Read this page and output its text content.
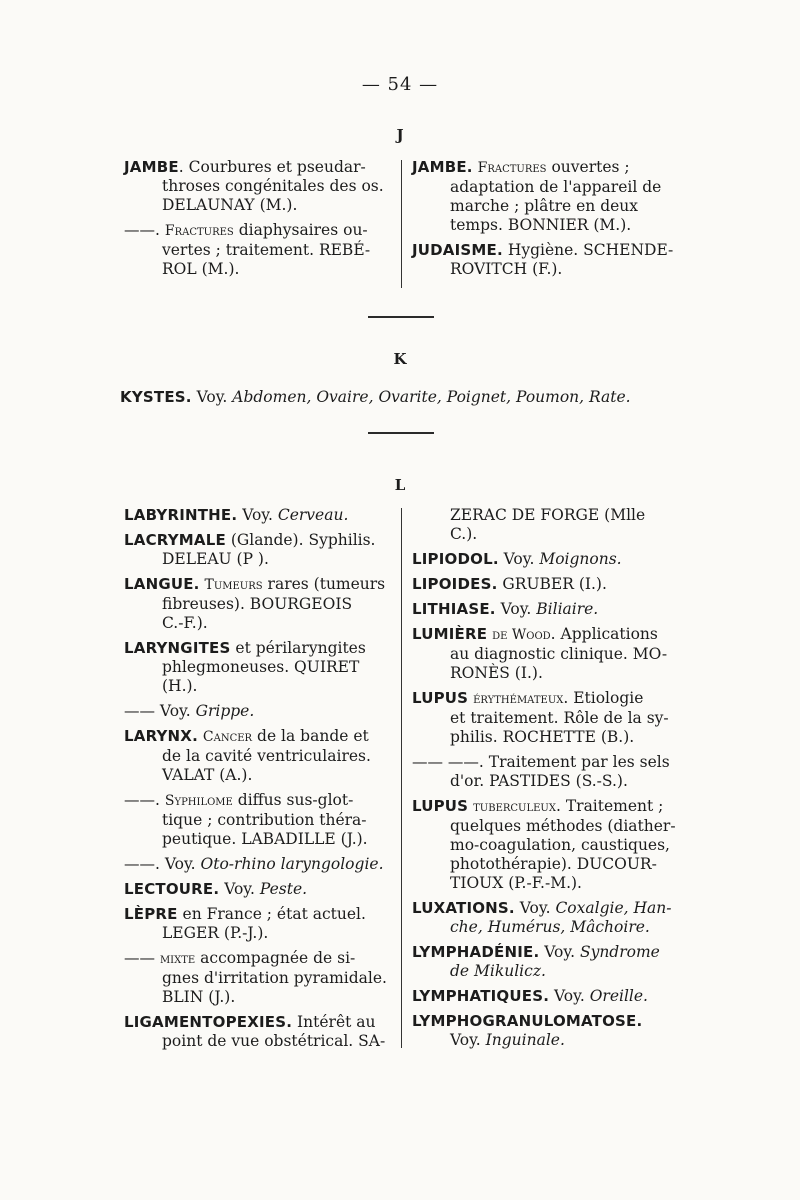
— 54 —
J
JAMBE. Courbures et pseudar-
throses congénitales des os.
DELAUNAY (M.).
——. Fractures diaphysaires ou-
vertes ; traitement. REBÉ-
ROL (M.).
JAMBE. Fractures ouvertes ;
adaptation de l'appareil de
marche ; plâtre en deux
temps. BONNIER (M.).
JUDAISME. Hygiène. SCHENDE-
ROVITCH (F.).
K
KYSTES. Voy. Abdomen, Ovaire, Ovarite, Poignet, Poumon, Rate.
L
LABYRINTHE. Voy. Cerveau.
LACRYMALE (Glande). Syphilis.
DELEAU (P ).
LANGUE. Tumeurs rares (tumeurs
fibreuses). BOURGEOIS
C.-F.).
LARYNGITES et périlaryngites
phlegmoneuses. QUIRET
(H.).
—— Voy. Grippe.
LARYNX. Cancer de la bande et
de la cavité ventriculaires.
VALAT (A.).
——. Syphilome diffus sus-glot-
tique ; contribution théra-
peutique. LABADILLE (J.).
——. Voy. Oto-rhino laryngologie.
LECTOURE. Voy. Peste.
LÈPRE en France ; état actuel.
LEGER (P.-J.).
—— mixte accompagnée de si-
gnes d'irritation pyramidale.
BLIN (J.).
LIGAMENTOPEXIES. Intérêt au
point de vue obstétrical. SA-
ZERAC DE FORGE (Mlle
C.).
LIPIODOL. Voy. Moignons.
LIPOIDES. GRUBER (I.).
LITHIASE. Voy. Biliaire.
LUMIÈRE de Wood. Applications
au diagnostic clinique. MO-
RONÈS (I.).
LUPUS érythémateux. Etiologie
et traitement. Rôle de la sy-
philis. ROCHETTE (B.).
—— ——. Traitement par les sels
d'or. PASTIDES (S.-S.).
LUPUS tuberculeux. Traitement ;
quelques méthodes (diather-
mo-coagulation, caustiques,
photothérapie). DUCOUR-
TIOUX (P.-F.-M.).
LUXATIONS. Voy. Coxalgie, Han-
che, Humérus, Mâchoire.
LYMPHADÉNIE. Voy. Syndrome
de Mikulicz.
LYMPHATIQUES. Voy. Oreille.
LYMPHOGRANULOMATOSE.
Voy. Inguinale.
